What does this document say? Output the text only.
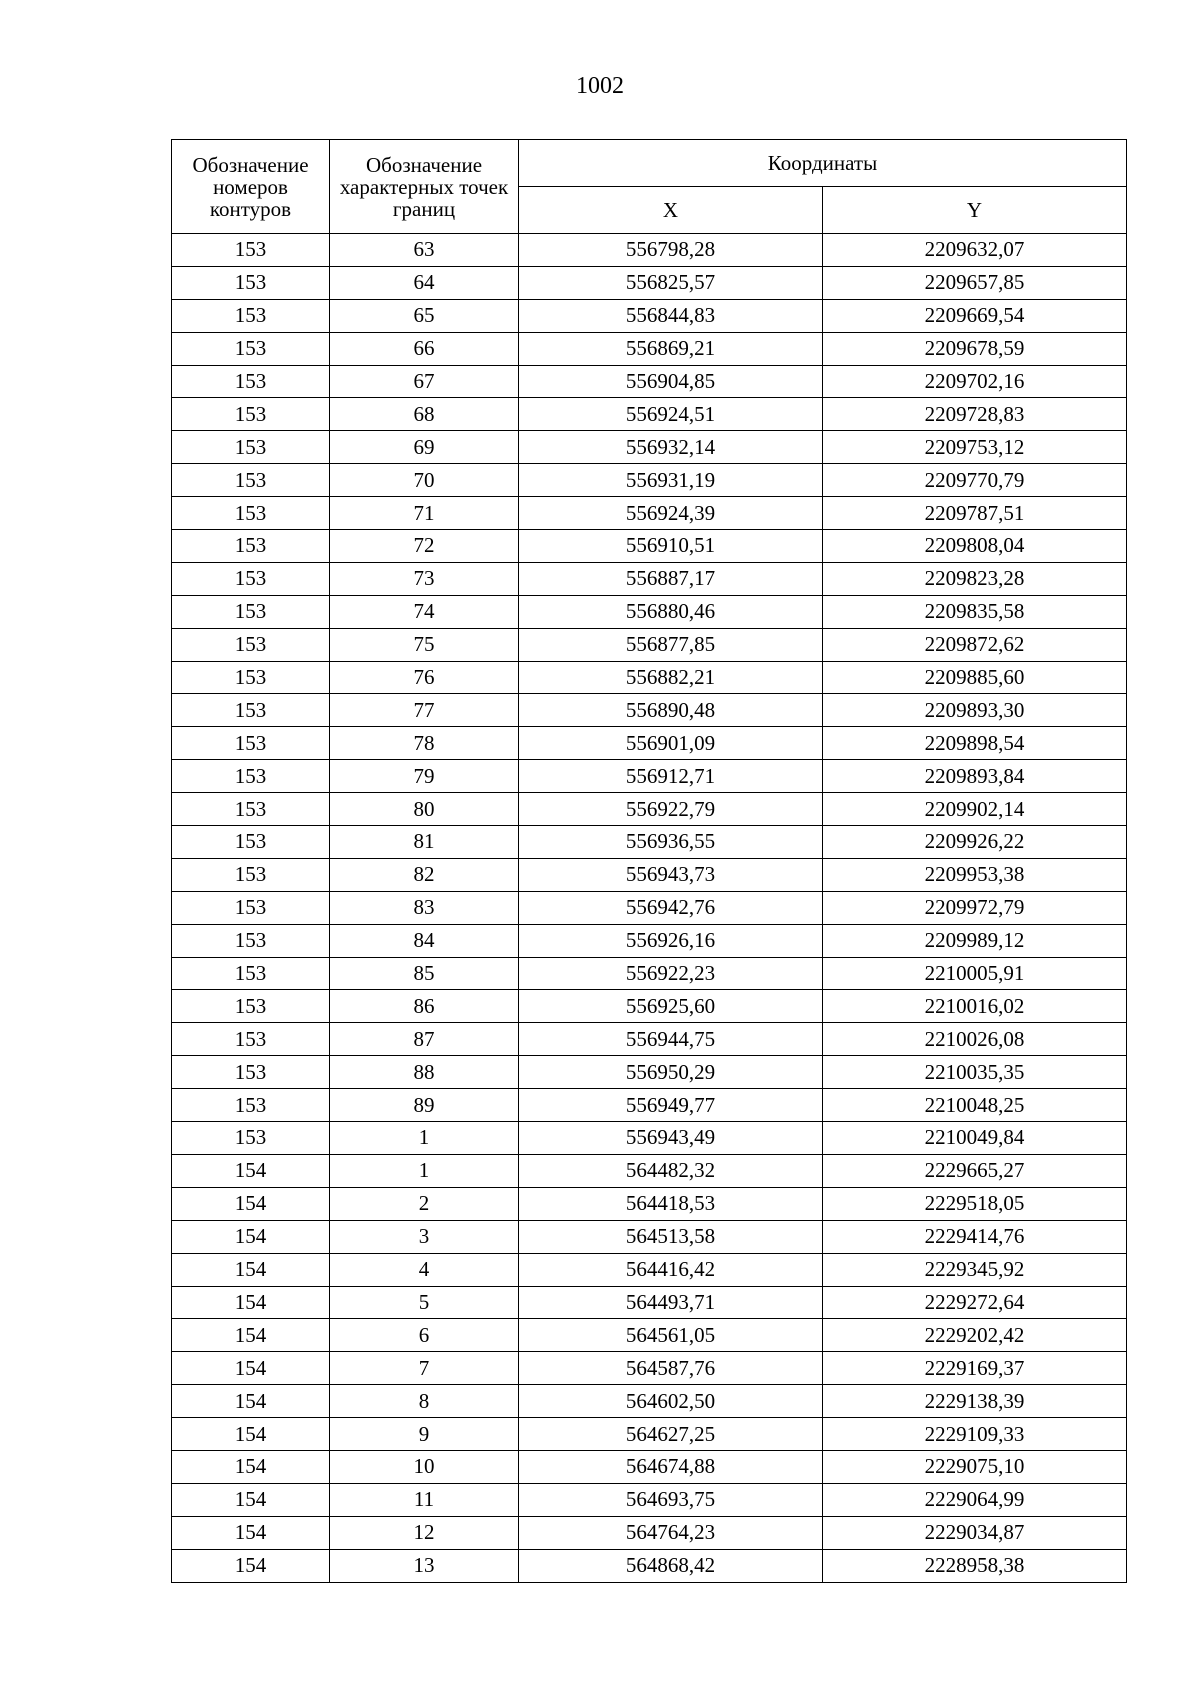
1002
Обозначение номеров контуров	Обозначение характерных точек границ	Координаты	
		X	Y
153	63	556798,28	2209632,07
153	64	556825,57	2209657,85
153	65	556844,83	2209669,54
153	66	556869,21	2209678,59
153	67	556904,85	2209702,16
153	68	556924,51	2209728,83
153	69	556932,14	2209753,12
153	70	556931,19	2209770,79
153	71	556924,39	2209787,51
153	72	556910,51	2209808,04
153	73	556887,17	2209823,28
153	74	556880,46	2209835,58
153	75	556877,85	2209872,62
153	76	556882,21	2209885,60
153	77	556890,48	2209893,30
153	78	556901,09	2209898,54
153	79	556912,71	2209893,84
153	80	556922,79	2209902,14
153	81	556936,55	2209926,22
153	82	556943,73	2209953,38
153	83	556942,76	2209972,79
153	84	556926,16	2209989,12
153	85	556922,23	2210005,91
153	86	556925,60	2210016,02
153	87	556944,75	2210026,08
153	88	556950,29	2210035,35
153	89	556949,77	2210048,25
153	1	556943,49	2210049,84
154	1	564482,32	2229665,27
154	2	564418,53	2229518,05
154	3	564513,58	2229414,76
154	4	564416,42	2229345,92
154	5	564493,71	2229272,64
154	6	564561,05	2229202,42
154	7	564587,76	2229169,37
154	8	564602,50	2229138,39
154	9	564627,25	2229109,33
154	10	564674,88	2229075,10
154	11	564693,75	2229064,99
154	12	564764,23	2229034,87
154	13	564868,42	2228958,38
